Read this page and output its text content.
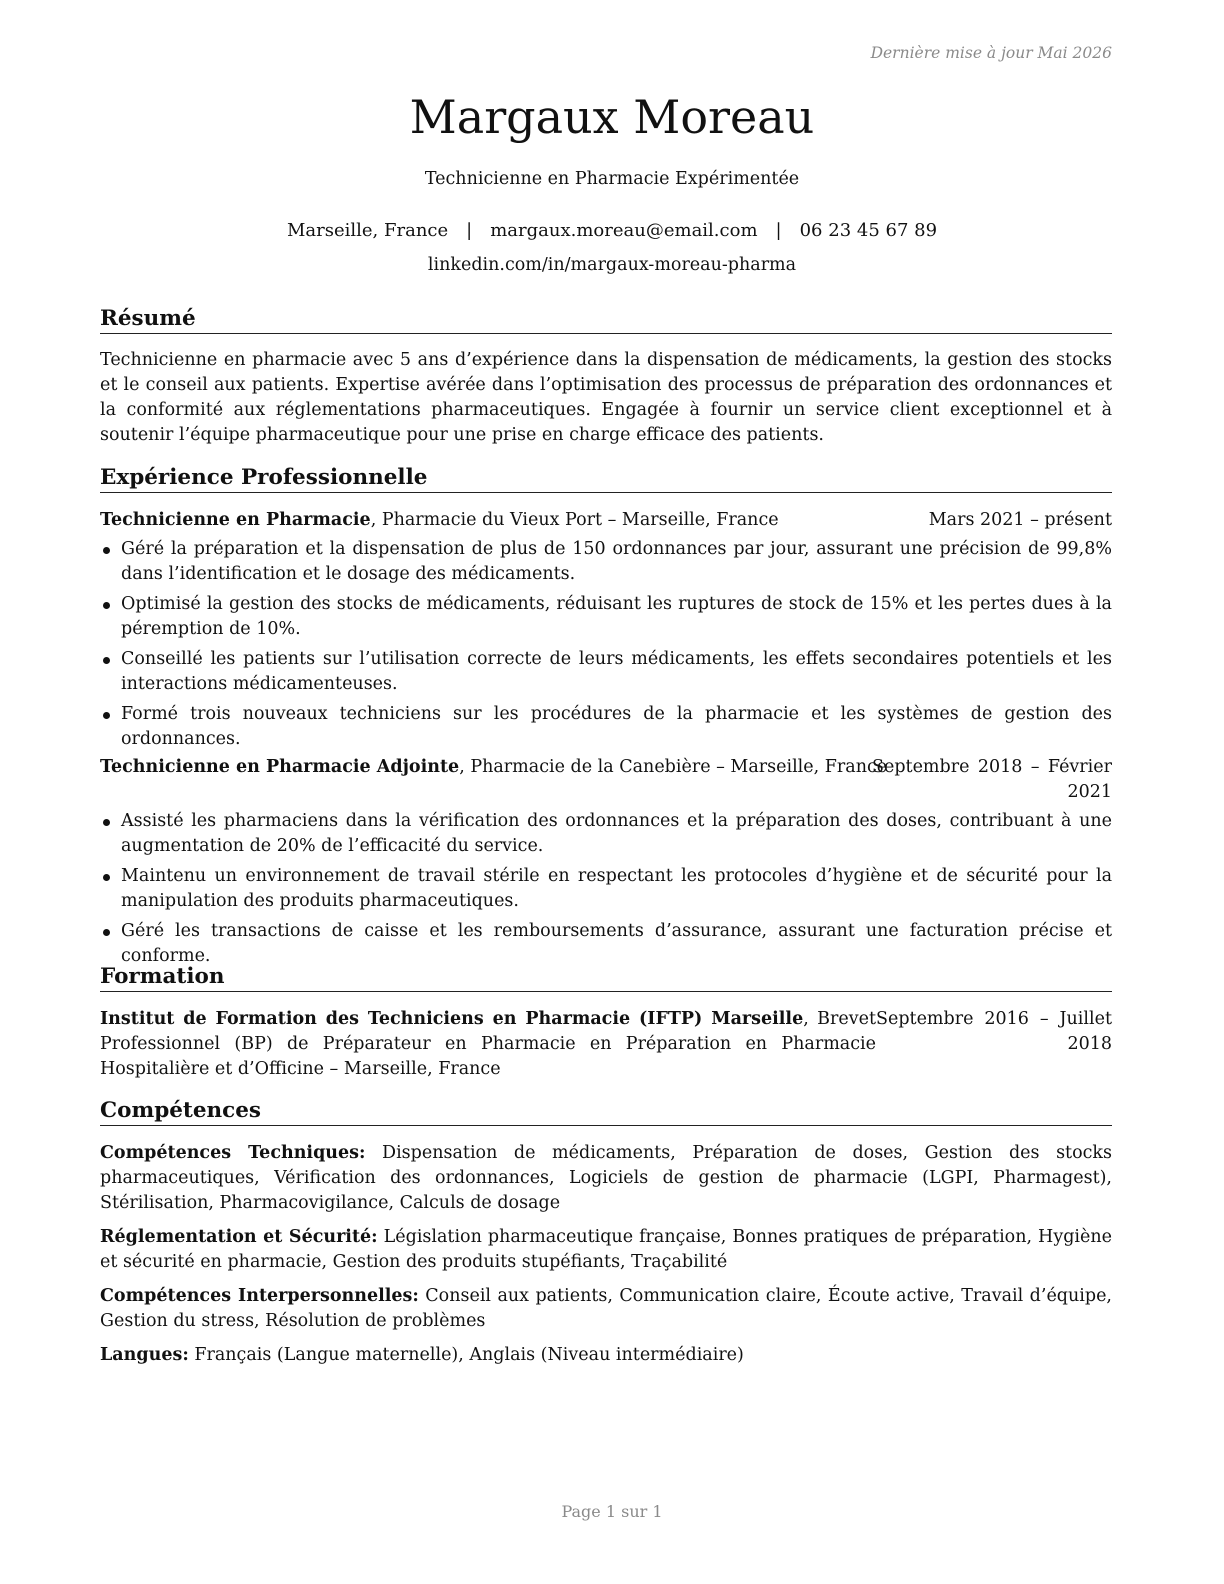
Dernière mise à jour Mai 2026
Margaux Moreau
Technicienne en Pharmacie Expérimentée
Marseille, France | margaux.moreau@email.com | 06 23 45 67 89
linkedin.com/in/margaux-moreau-pharma
Résumé
Technicienne en pharmacie avec 5 ans d’expérience dans la dispensation de médicaments, la gestion des stocks et le conseil aux patients. Expertise avérée dans l’optimisation des processus de préparation des ordonnances et la conformité aux réglementations pharmaceutiques. Engagée à fournir un service client exceptionnel et à soutenir l’équipe pharmaceutique pour une prise en charge efficace des patients.
Expérience Professionnelle
Technicienne en Pharmacie, Pharmacie du Vieux Port – Marseille, France	Mars 2021 – présent
Géré la préparation et la dispensation de plus de 150 ordonnances par jour, assurant une précision de 99,8% dans l’identification et le dosage des médicaments.
Optimisé la gestion des stocks de médicaments, réduisant les ruptures de stock de 15% et les pertes dues à la péremption de 10%.
Conseillé les patients sur l’utilisation correcte de leurs médicaments, les effets secondaires potentiels et les interactions médicamenteuses.
Formé trois nouveaux techniciens sur les procédures de la pharmacie et les systèmes de gestion des ordonnances.
Technicienne en Pharmacie Adjointe, Pharmacie de la Canebière – Marseille, France
Septembre 2018 – Février 2021
Assisté les pharmaciens dans la vérification des ordonnances et la préparation des doses, contribuant à une augmentation de 20% de l’efficacité du service.
Maintenu un environnement de travail stérile en respectant les protocoles d’hygiène et de sécurité pour la manipulation des produits pharmaceutiques.
Géré les transactions de caisse et les remboursements d’assurance, assurant une facturation précise et conforme.
Formation
Institut de Formation des Techniciens en Pharmacie (IFTP) Marseille, Brevet Professionnel (BP) de Préparateur en Pharmacie en Préparation en Pharmacie Hospitalière et d’Officine – Marseille, France
Septembre 2016 – Juillet 2018
Compétences
Compétences Techniques: Dispensation de médicaments, Préparation de doses, Gestion des stocks pharmaceutiques, Vérification des ordonnances, Logiciels de gestion de pharmacie (LGPI, Pharmagest), Stérilisation, Pharmacovigilance, Calculs de dosage
Réglementation et Sécurité: Législation pharmaceutique française, Bonnes pratiques de préparation, Hygiène et sécurité en pharmacie, Gestion des produits stupéfiants, Traçabilité
Compétences Interpersonnelles: Conseil aux patients, Communication claire, Écoute active, Travail d’équipe, Gestion du stress, Résolution de problèmes
Langues: Français (Langue maternelle), Anglais (Niveau intermédiaire)
Page 1 sur 1
